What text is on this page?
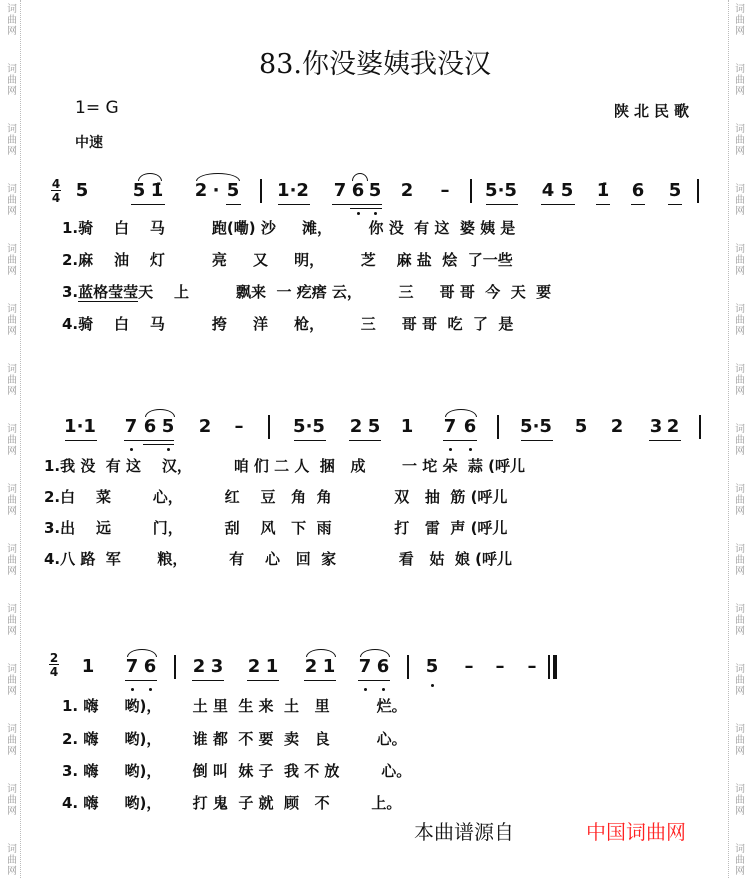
词
曲
网
词
曲
网
词
曲
网
词
曲
网
词
曲
网
词
曲
网
词
曲
网
词
曲
网
词
曲
网
词
曲
网
词
曲
网
词
曲
网
词
曲
网
词
曲
网
词
曲
网
词
曲
网
词
曲
网
词
曲
网
词
曲
网
词
曲
网
词
曲
网
词
曲
网
词
曲
网
词
曲
网
词
曲
网
词
曲
网
词
曲
网
词
曲
网
词
曲
网
词
曲
网
83.你没婆姨我没汉
1= G	陕北民歌
中速
4
4 5 5 1̇ 2 · 5 1·2 7 6 5 2 – 5·5 4 5 1̇ 6 5
1.骑    白    马         跑(嘞) 沙     滩，       你 没  有 这  婆 姨 是
2.麻    油    灯         亮     又     明，       芝    麻 盐  烩  了一些
3.蓝格莹莹天    上         飘来  一 疙瘩 云，       三     哥 哥  今  天  要
4.骑    白    马         挎     洋     枪，       三     哥 哥  吃  了  是
1·1 7 6 5 2 –	5·5 2 5 1 7 6 5·5 5 2 3 2
1.我 没  有 这    汉，        咱 们 二 人  捆   成       一 坨 朵  蒜 (呼儿
2.白    菜        心，        红    豆   角  角            双   抽  筋 (呼儿
3.出    远        门，        刮    风   下  雨            打   雷  声 (呼儿
4.八 路  军       粮，        有    心   回  家            看   姑  娘 (呼儿
2
4 1 7 6 2 3 2 1 2 1 7 6 5 – – –
1. 嗨     哟)，      土 里  生 来  土   里         烂。
2. 嗨     哟)，      谁 都  不 要  卖   良         心。
3. 嗨     哟)，      倒 叫  妹 子  我 不 放        心。
4. 嗨     哟)，      打 鬼  子 就  顾   不        上。
本曲谱源自	中国词曲网
